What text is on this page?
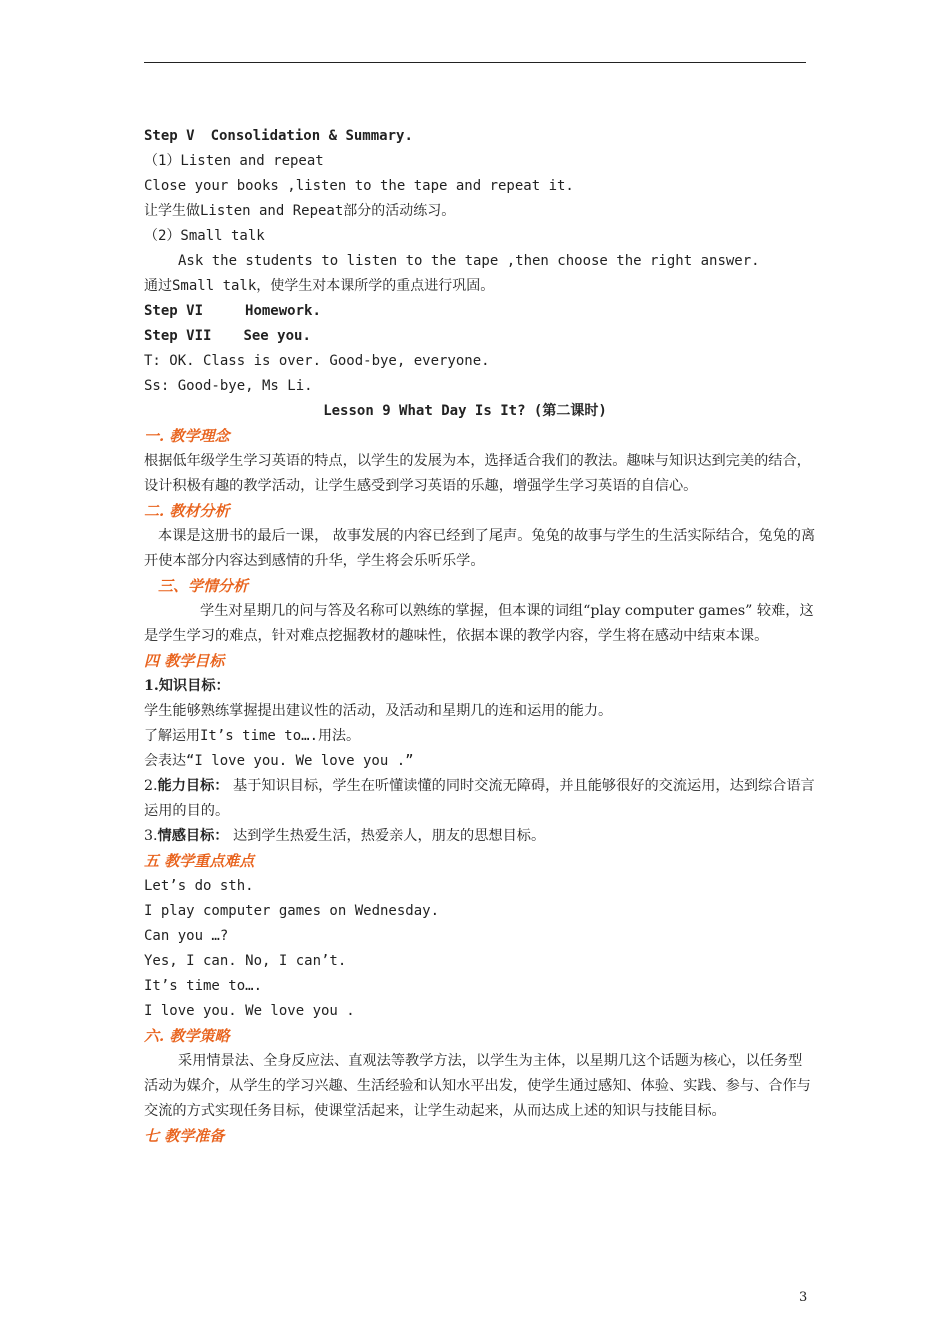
Step V Consolidation & Summary.
（1）Listen and repeat
Close your books ,listen to the tape and repeat it.
让学生做Listen and Repeat部分的活动练习。
（2）Small talk
Ask the students to listen to the tape ,then choose the right answer.
通过Small talk，使学生对本课所学的重点进行巩固。
Step VI	Homework.
Step VII See you.
T: OK. Class is over. Good-bye, everyone.
Ss: Good-bye, Ms Li.
Lesson 9 What Day Is It? (第二课时)
一. 教学理念
根据低年级学生学习英语的特点，以学生的发展为本，选择适合我们的教法。趣味与知识达到完美的结合，设计积极有趣的教学活动，让学生感受到学习英语的乐趣，增强学生学习英语的自信心。
二. 教材分析
本课是这册书的最后一课， 故事发展的内容已经到了尾声。兔兔的故事与学生的生活实际结合，兔兔的离开使本部分内容达到感情的升华，学生将会乐听乐学。
三、学情分析
学生对星期几的问与答及名称可以熟练的掌握，但本课的词组“play computer games” 较难，这是学生学习的难点，针对难点挖掘教材的趣味性，依据本课的教学内容，学生将在感动中结束本课。
四 教学目标
1.知识目标：
学生能够熟练掌握提出建议性的活动，及活动和星期几的连和运用的能力。
了解运用It’s time to….用法。
会表达“I love you. We love you .”
2.能力目标： 基于知识目标，学生在听懂读懂的同时交流无障碍，并且能够很好的交流运用，达到综合语言运用的目的。
3.情感目标： 达到学生热爱生活，热爱亲人，朋友的思想目标。
五 教学重点难点
Let’s do sth.
I play computer games on Wednesday.
Can you …?
Yes, I can. No, I can’t.
It’s time to….
I love you. We love you .
六. 教学策略
采用情景法、全身反应法、直观法等教学方法，以学生为主体，以星期几这个话题为核心，以任务型活动为媒介，从学生的学习兴趣、生活经验和认知水平出发，使学生通过感知、体验、实践、参与、合作与交流的方式实现任务目标，使课堂活起来，让学生动起来，从而达成上述的知识与技能目标。
七 教学准备
3
